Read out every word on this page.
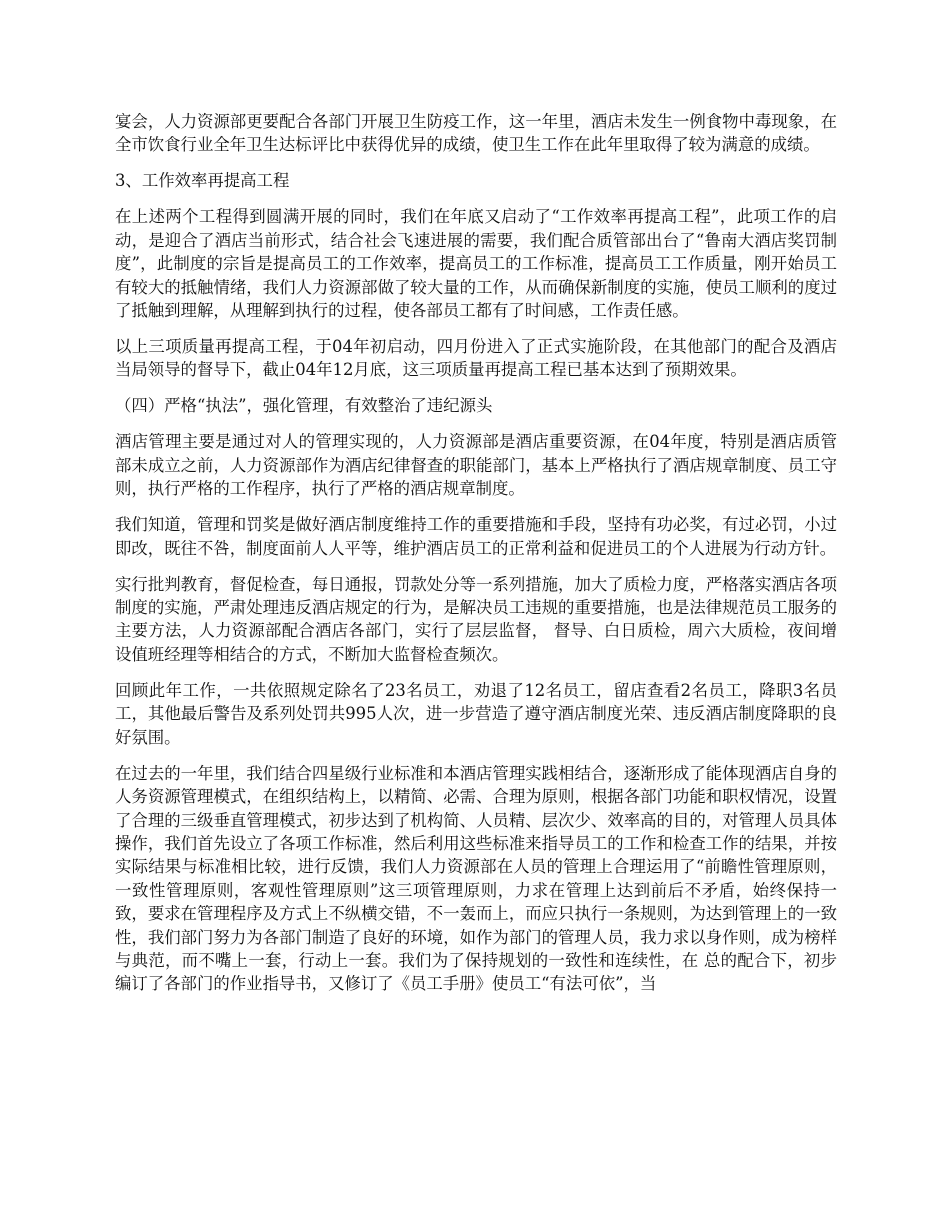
宴会，人力资源部更要配合各部门开展卫生防疫工作，这一年里，酒店未发生一例食物中毒现象，在全市饮食行业全年卫生达标评比中获得优异的成绩，使卫生工作在此年里取得了较为满意的成绩。

3、工作效率再提高工程

在上述两个工程得到圆满开展的同时，我们在年底又启动了“工作效率再提高工程”，此项工作的启动，是迎合了酒店当前形式，结合社会飞速进展的需要，我们配合质管部出台了“鲁南大酒店奖罚制度”，此制度的宗旨是提高员工的工作效率，提高员工的工作标准，提高员工工作质量，刚开始员工有较大的抵触情绪，我们人力资源部做了较大量的工作，从而确保新制度的实施，使员工顺利的度过了抵触到理解，从理解到执行的过程，使各部员工都有了时间感，工作责任感。

以上三项质量再提高工程，于04年初启动，四月份进入了正式实施阶段，在其他部门的配合及酒店当局领导的督导下，截止04年12月底，这三项质量再提高工程已基本达到了预期效果。

（四）严格“执法”，强化管理，有效整治了违纪源头

酒店管理主要是通过对人的管理实现的，人力资源部是酒店重要资源，在04年度，特别是酒店质管部未成立之前，人力资源部作为酒店纪律督查的职能部门，基本上严格执行了酒店规章制度、员工守则，执行严格的工作程序，执行了严格的酒店规章制度。

我们知道，管理和罚奖是做好酒店制度维持工作的重要措施和手段，坚持有功必奖，有过必罚，小过即改，既往不咎，制度面前人人平等，维护酒店员工的正常利益和促进员工的个人进展为行动方针。

实行批判教育，督促检查，每日通报，罚款处分等一系列措施，加大了质检力度，严格落实酒店各项制度的实施，严肃处理违反酒店规定的行为，是解决员工违规的重要措施，也是法律规范员工服务的主要方法，人力资源部配合酒店各部门，实行了层层监督， 督导、白日质检，周六大质检，夜间增设值班经理等相结合的方式，不断加大监督检查频次。

回顾此年工作，一共依照规定除名了23名员工，劝退了12名员工，留店查看2名员工，降职3名员工，其他最后警告及系列处罚共995人次，进一步营造了遵守酒店制度光荣、违反酒店制度降职的良好氛围。

在过去的一年里，我们结合四星级行业标准和本酒店管理实践相结合，逐渐形成了能体现酒店自身的人务资源管理模式，在组织结构上，以精简、必需、合理为原则，根据各部门功能和职权情况，设置了合理的三级垂直管理模式，初步达到了机构简、人员精、层次少、效率高的目的，对管理人员具体操作，我们首先设立了各项工作标准，然后利用这些标准来指导员工的工作和检查工作的结果，并按实际结果与标准相比较，进行反馈，我们人力资源部在人员的管理上合理运用了“前瞻性管理原则，一致性管理原则，客观性管理原则”这三项管理原则，力求在管理上达到前后不矛盾，始终保持一致，要求在管理程序及方式上不纵横交错，不一轰而上，而应只执行一条规则，为达到管理上的一致性，我们部门努力为各部门制造了良好的环境，如作为部门的管理人员，我力求以身作则，成为榜样与典范，而不嘴上一套，行动上一套。我们为了保持规划的一致性和连续性，在 总的配合下，初步编订了各部门的作业指导书，又修订了《员工手册》使员工“有法可依”，当
